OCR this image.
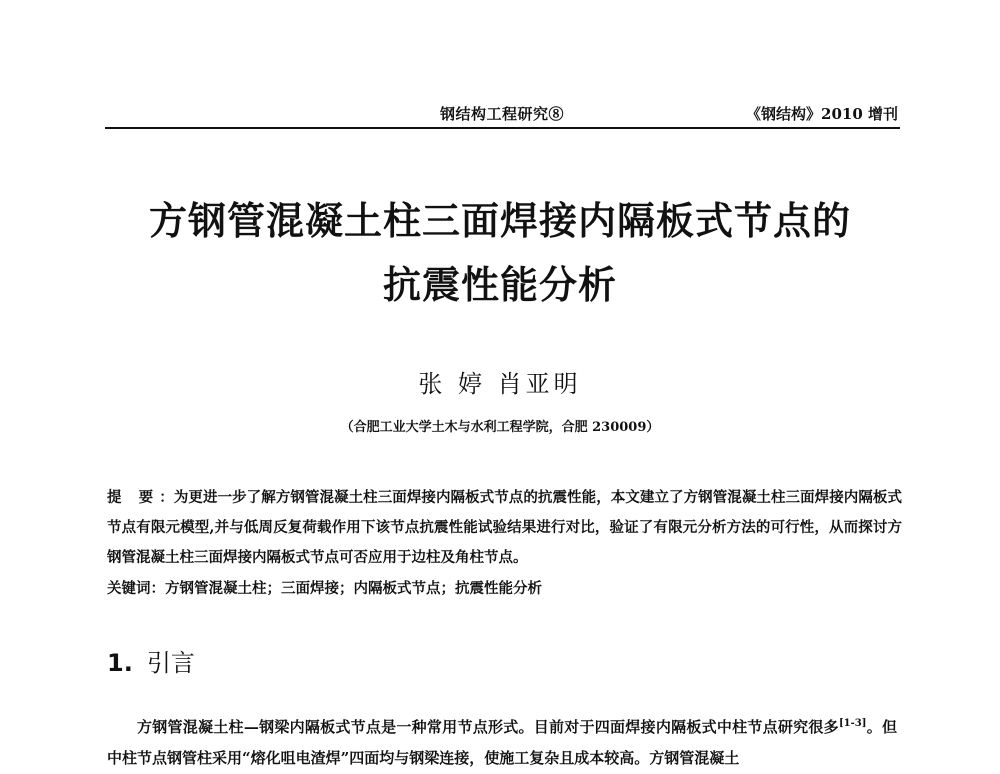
钢结构工程研究⑧	《钢结构》2010 增刊
方钢管混凝土柱三面焊接内隔板式节点的
抗震性能分析
张 婷 肖亚明
（合肥工业大学土木与水利工程学院，合肥 230009）
提 要：为更进一步了解方钢管混凝土柱三面焊接内隔板式节点的抗震性能，本文建立了方钢管混凝土柱三面焊接内隔板式节点有限元模型,并与低周反复荷载作用下该节点抗震性能试验结果进行对比，验证了有限元分析方法的可行性，从而探讨方钢管混凝土柱三面焊接内隔板式节点可否应用于边柱及角柱节点。
关键词：方钢管混凝土柱；三面焊接；内隔板式节点；抗震性能分析
1. 引言
方钢管混凝土柱—钢梁内隔板式节点是一种常用节点形式。目前对于四面焊接内隔板式中柱节点研究很多[1-3]。但中柱节点钢管柱采用“熔化咀电渣焊”四面均与钢梁连接，使施工复杂且成本较高。方钢管混凝土
